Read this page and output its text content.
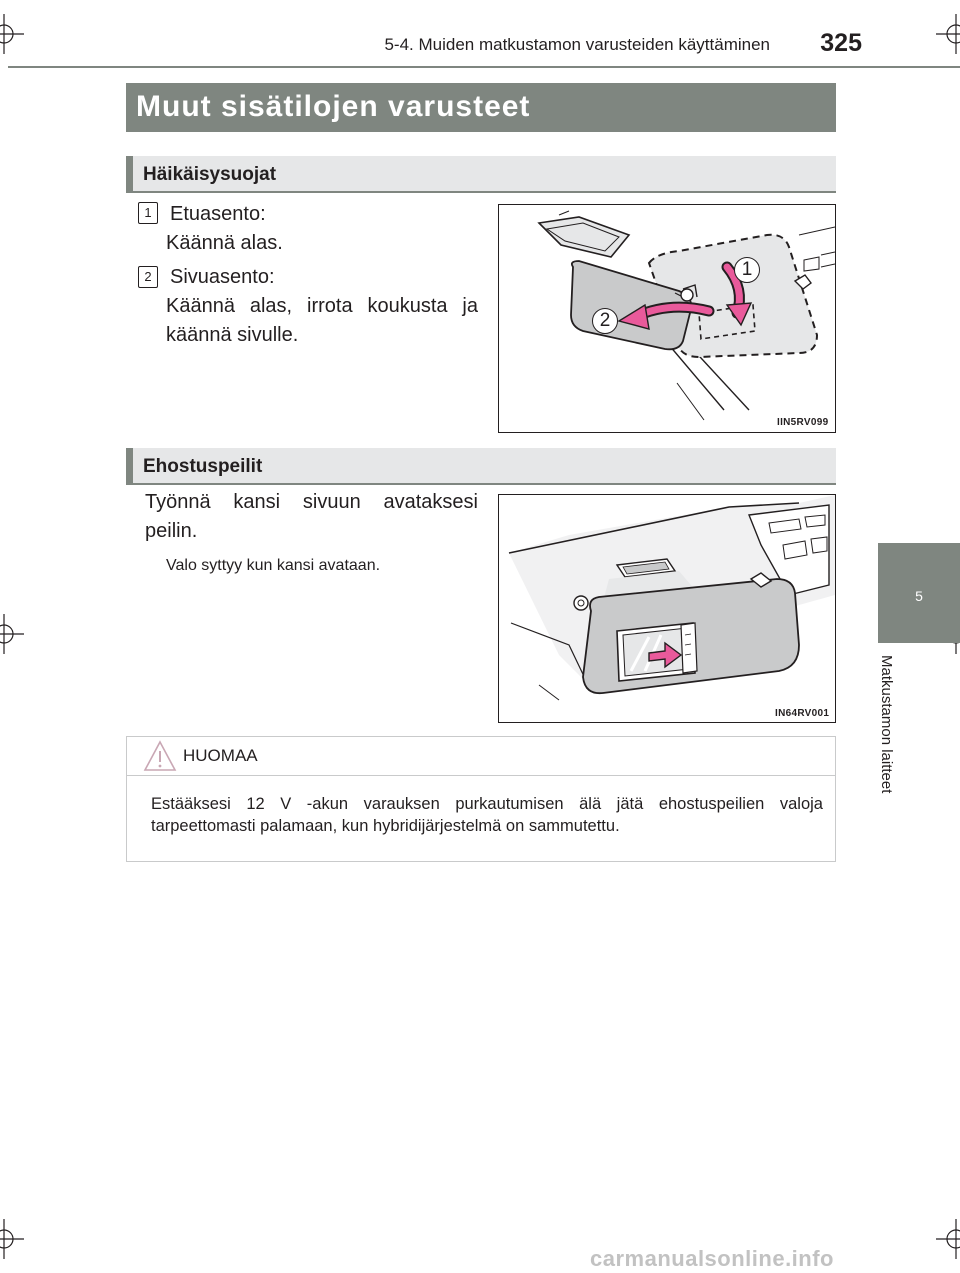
5-4. Muiden matkustamon varusteiden käyttäminen	325
5
Matkustamon laitteet
Muut sisätilojen varusteet
Häikäisysuojat
1 Etuasento:
Käännä alas.
2 Sivuasento:
Käännä alas, irrota koukusta ja
käännä sivulle.
1
2
IIN5RV099
Ehostuspeilit
Työnnä kansi sivuun avataksesi
peilin.
Valo syttyy kun kansi avataan.
IN64RV001
HUOMAA
Estääksesi 12 V -akun varauksen purkautumisen älä jätä ehostuspeilien valoja tarpeettomasti palamaan, kun hybridijärjestelmä on sammutettu.
carmanualsonline.info
